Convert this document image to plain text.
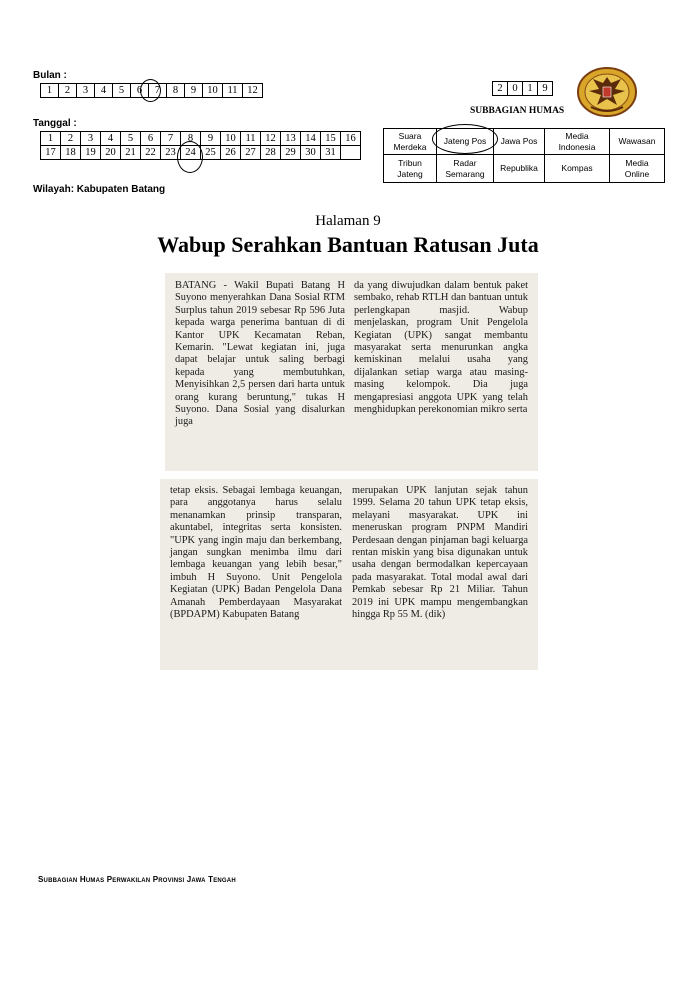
Bulan :
1	2	3	4	5	6	7	8	9	10	11	12
Tanggal :
1	2	3	4	5	6	7	8	9	10	11	12	13	14	15	16
17	18	19	20	21	22	23	24	25	26	27	28	29	30	31	
Wilayah: Kabupaten Batang
2	0	1	9
SUBBAGIAN HUMAS
Suara Merdeka	Jateng Pos	Jawa Pos	Media Indonesia	Wawasan
Tribun Jateng	Radar Semarang	Republika	Kompas	Media Online
Halaman 9
Wabup Serahkan Bantuan Ratusan Juta

BATANG - Wakil Bupati Batang H Suyono menyerahkan Dana Sosial RTM Surplus tahun 2019 sebesar Rp 596 Juta kepada warga penerima bantuan di di Kantor UPK Kecamatan Reban, Kemarin. "Lewat kegiatan ini, juga dapat belajar untuk saling berbagi kepada yang membutuhkan, Menyisihkan 2,5 persen dari harta untuk orang kurang beruntung," tukas H Suyono. Dana Sosial yang disalurkan juga

da yang diwujudkan dalam bentuk paket sembako, rehab RTLH dan bantuan untuk perlengkapan masjid. Wabup menjelaskan, program Unit Pengelola Kegiatan (UPK) sangat membantu masyarakat serta menurunkan angka kemiskinan melalui usaha yang dijalankan setiap warga atau masing-masing kelompok. Dia juga mengapresiasi anggota UPK yang telah menghidupkan perekonomian mikro serta

tetap eksis. Sebagai lembaga keuangan, para anggotanya harus selalu menanamkan prinsip transparan, akuntabel, integritas serta konsisten. "UPK yang ingin maju dan berkembang, jangan sungkan menimba ilmu dari lembaga keuangan yang lebih besar," imbuh H Suyono. Unit Pengelola Kegiatan (UPK) Badan Pengelola Dana Amanah Pemberdayaan Masyarakat (BPDAPM) Kabupaten Batang

merupakan UPK lanjutan sejak tahun 1999. Selama 20 tahun UPK tetap eksis, melayani masyarakat. UPK ini meneruskan program PNPM Mandiri Perdesaan dengan pinjaman bagi keluarga rentan miskin yang bisa digunakan untuk usaha dengan bermodalkan kepercayaan pada masyarakat. Total modal awal dari Pemkab sebesar Rp 21 Miliar. Tahun 2019 ini UPK mampu mengembangkan hingga Rp 55 M. (dik)

Subbagian Humas Perwakilan Provinsi Jawa Tengah
